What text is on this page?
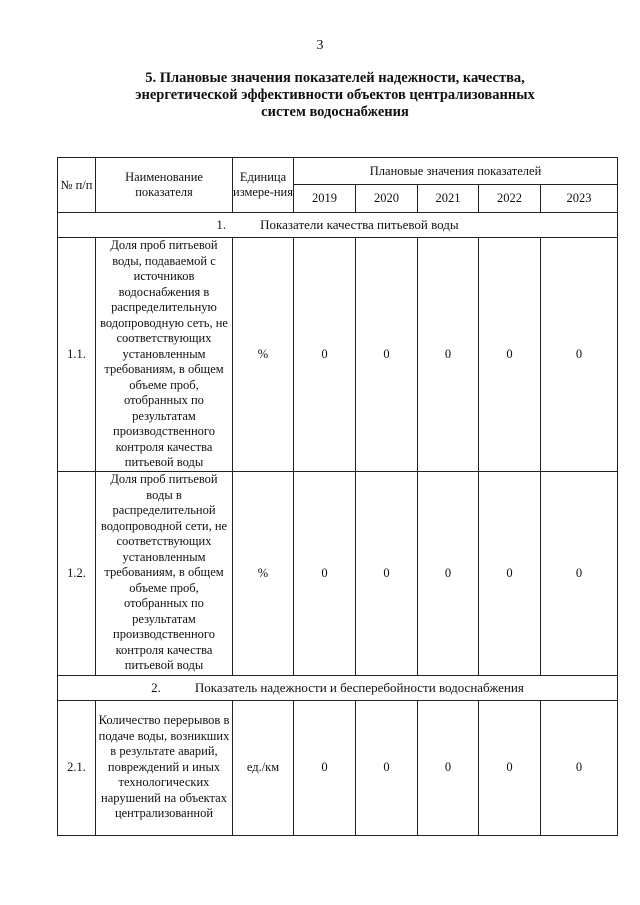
3
5. Плановые значения показателей надежности, качества,
энергетической эффективности объектов централизованных
систем водоснабжения
№ п/п	Наименование показателя	Единица измере-ния	Плановые значения показателей				
			2019	2020	2021	2022	2023
1. Показатели качества питьевой воды							
1.1.	Доля проб питьевой воды, подаваемой с источников водоснабжения в распределительную водопроводную сеть, не соответствующих установленным требованиям, в общем объеме проб, отобранных по результатам производственного контроля качества питьевой воды	%	0	0	0	0	0
1.2.	Доля проб питьевой воды в распределительной водопроводной сети, не соответствующих установленным требованиям, в общем объеме проб, отобранных по результатам производственного контроля качества питьевой воды	%	0	0	0	0	0
2. Показатель надежности и бесперебойности водоснабжения							
2.1.	Количество перерывов в подаче воды, возникших в результате аварий, повреждений и иных технологических нарушений на объектах централизованной	ед./км	0	0	0	0	0
